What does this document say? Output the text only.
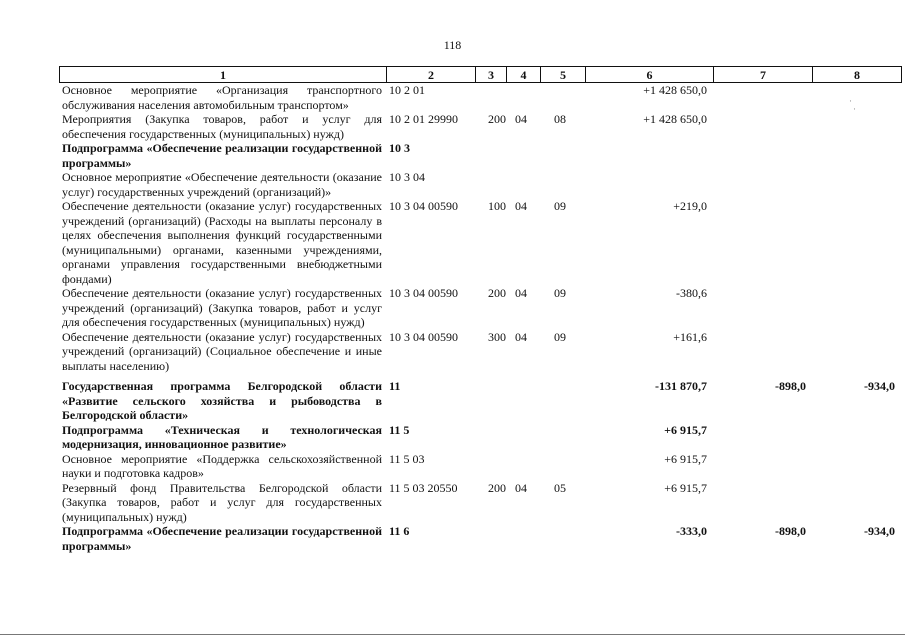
118
1	2	3	4	5	6	7	8
Основное мероприятие «Организация транспортного обслуживания населения автомобильным транспортом»	10 2 01				+1 428 650,0		
Мероприятия (Закупка товаров, работ и услуг для обеспечения государственных (муниципальных) нужд)	10 2 01 29990	200	04	08	+1 428 650,0		
Подпрограмма «Обеспечение реализации государственной программы»	10 3						
Основное мероприятие «Обеспечение деятельности (оказание услуг) государственных учреждений (организаций)»	10 3 04						
Обеспечение деятельности (оказание услуг) государственных учреждений (организаций) (Расходы на выплаты персоналу в целях обеспечения выполнения функций государственными (муниципальными) органами, казенными учреждениями, органами управления государственными внебюджетными фондами)	10 3 04 00590	100	04	09	+219,0		
Обеспечение деятельности (оказание услуг) государственных учреждений (организаций) (Закупка товаров, работ и услуг для обеспечения государственных (муниципальных) нужд)	10 3 04 00590	200	04	09	-380,6		
Обеспечение деятельности (оказание услуг) государственных учреждений (организаций) (Социальное обеспечение и иные выплаты населению)	10 3 04 00590	300	04	09	+161,6		
Государственная программа Белгородской области «Развитие сельского хозяйства и рыбоводства в Белгородской области»	11				-131 870,7	-898,0	-934,0
Подпрограмма «Техническая и технологическая модернизация, инновационное развитие»	11 5				+6 915,7		
Основное мероприятие «Поддержка сельскохозяйственной науки и подготовка кадров»	11 5 03				+6 915,7		
Резервный фонд Правительства Белгородской области (Закупка товаров, работ и услуг для государственных (муниципальных) нужд)	11 5 03 20550	200	04	05	+6 915,7		
Подпрограмма «Обеспечение реализации государственной программы»	11 6				-333,0	-898,0	-934,0
·
·
